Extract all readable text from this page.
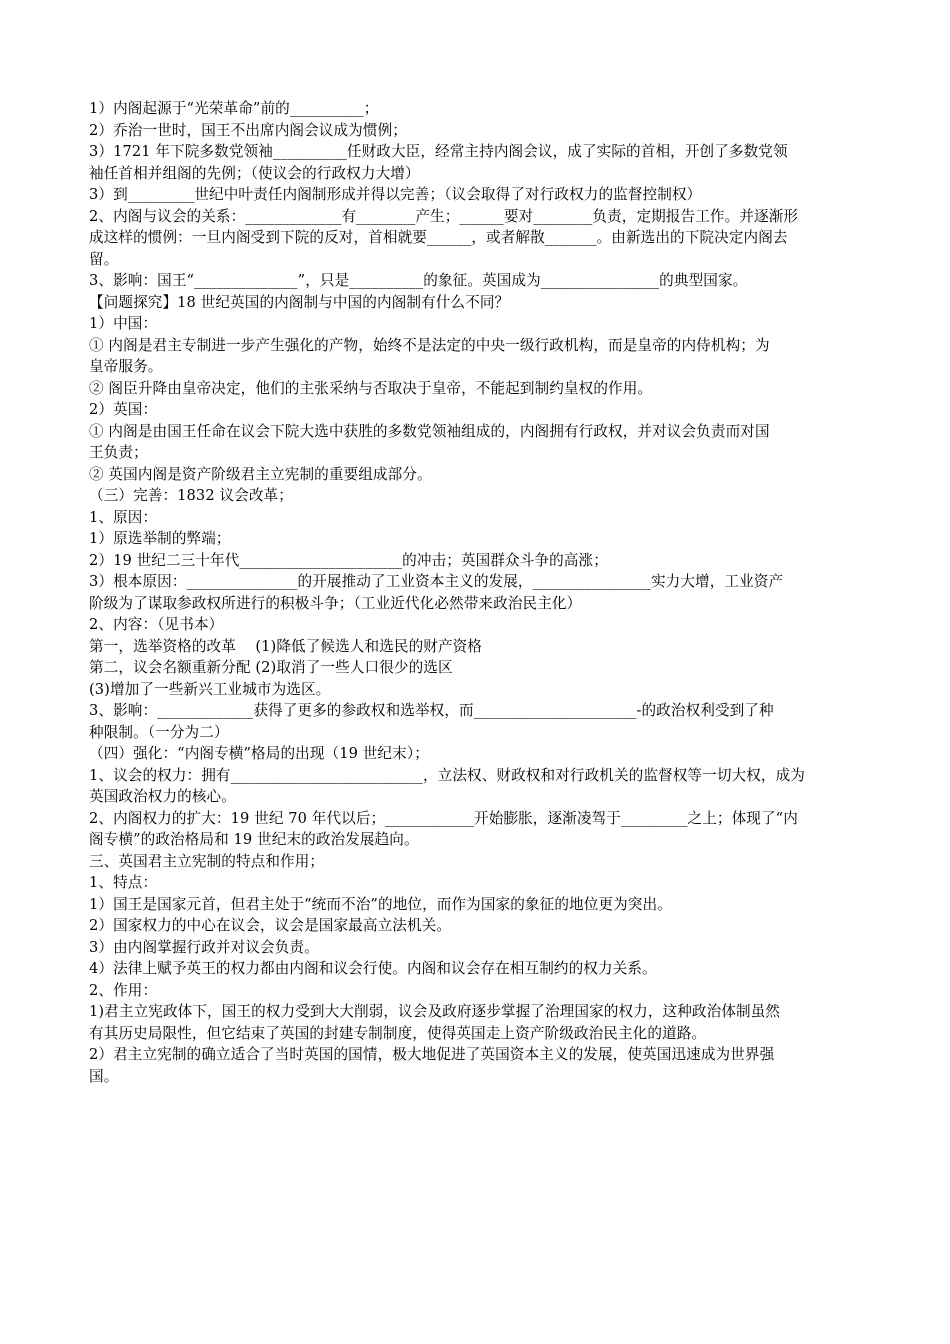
1）内阁起源于“光荣革命”前的__________；
2）乔治一世时，国王不出席内阁会议成为惯例；
3）1721 年下院多数党领袖__________任财政大臣，经常主持内阁会议，成了实际的首相，开创了多数党领
袖任首相并组阁的先例；（使议会的行政权力大增）
3）到_________世纪中叶责任内阁制形成并得以完善；（议会取得了对行政权力的监督控制权）
2、内阁与议会的关系：_____________有________产生；______要对________负责，定期报告工作。并逐渐形
成这样的惯例：一旦内阁受到下院的反对，首相就要______，或者解散_______。由新选出的下院决定内阁去
留。
3、影响：国王“______________”，只是__________的象征。英国成为________________的典型国家。
【问题探究】18 世纪英国的内阁制与中国的内阁制有什么不同？
1）中国：
① 内阁是君主专制进一步产生强化的产物，始终不是法定的中央一级行政机构，而是皇帝的内侍机构；为
皇帝服务。
② 阁臣升降由皇帝决定，他们的主张采纳与否取决于皇帝，不能起到制约皇权的作用。
2）英国：
① 内阁是由国王任命在议会下院大选中获胜的多数党领袖组成的，内阁拥有行政权，并对议会负责而对国
王负责；
② 英国内阁是资产阶级君主立宪制的重要组成部分。
（三）完善：1832 议会改革；
1、原因：
1）原选举制的弊端；
2）19 世纪二三十年代______________________的冲击；英国群众斗争的高涨；
3）根本原因：_______________的开展推动了工业资本主义的发展，________________实力大增，工业资产
阶级为了谋取参政权所进行的积极斗争；（工业近代化必然带来政治民主化）
2、内容：（见书本）
第一，选举资格的改革　 (1)降低了候选人和选民的财产资格
第二，议会名额重新分配 (2)取消了一些人口很少的选区
(3)增加了一些新兴工业城市为选区。
3、影响：_____________获得了更多的参政权和选举权，而______________________-的政治权利受到了种
种限制。（一分为二）
（四）强化：“内阁专横”格局的出现（19 世纪末）；
1、议会的权力：拥有__________________________，立法权、财政权和对行政机关的监督权等一切大权，成为
英国政治权力的核心。
2、内阁权力的扩大：19 世纪 70 年代以后；____________开始膨胀，逐渐凌驾于_________之上；体现了“内
阁专横”的政治格局和 19 世纪末的政治发展趋向。
三、英国君主立宪制的特点和作用；
1、特点：
1）国王是国家元首，但君主处于“统而不治”的地位，而作为国家的象征的地位更为突出。
2）国家权力的中心在议会，议会是国家最高立法机关。
3）由内阁掌握行政并对议会负责。
4）法律上赋予英王的权力都由内阁和议会行使。内阁和议会存在相互制约的权力关系。
2、作用：
1)君主立宪政体下，国王的权力受到大大削弱，议会及政府逐步掌握了治理国家的权力，这种政治体制虽然
有其历史局限性，但它结束了英国的封建专制制度，使得英国走上资产阶级政治民主化的道路。
2）君主立宪制的确立适合了当时英国的国情，极大地促进了英国资本主义的发展，使英国迅速成为世界强
国。
